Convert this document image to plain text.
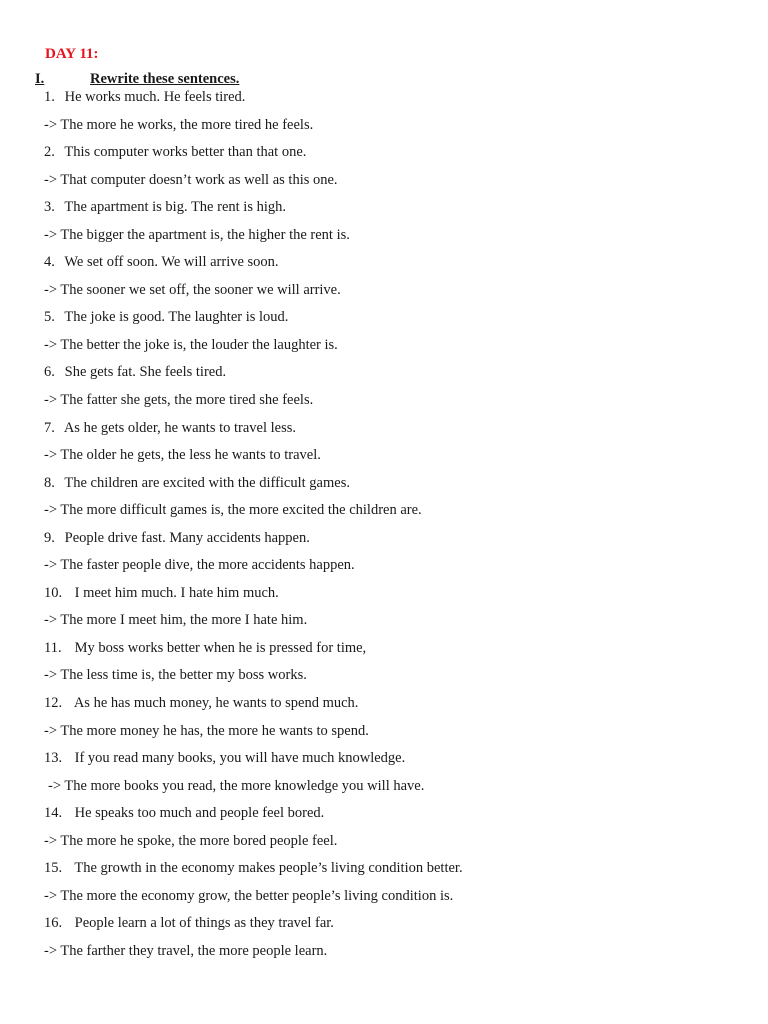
DAY 11:
I.	Rewrite these sentences.
1. He works much. He feels tired.
-> The more he works, the more tired he feels.
2. This computer works better than that one.
-> That computer doesn’t work as well as this one.
3. The apartment is big. The rent is high.
-> The bigger the apartment is, the higher the rent is.
4. We set off soon. We will arrive soon.
-> The sooner we set off, the sooner we will arrive.
5. The joke is good. The laughter is loud.
-> The better the joke is, the louder the laughter is.
6. She gets fat. She feels tired.
-> The fatter she gets, the more tired she feels.
7. As he gets older, he wants to travel less.
-> The older he gets, the less he wants to travel.
8. The children are excited with the difficult games.
-> The more difficult games is, the more excited the children are.
9. People drive fast. Many accidents happen.
-> The faster people dive, the more accidents happen.
10. I meet him much. I hate him much.
-> The more I meet him, the more I hate him.
11. My boss works better when he is pressed for time,
-> The less time is, the better my boss works.
12. As he has much money, he wants to spend much.
-> The more money he has, the more he wants to spend.
13. If you read many books, you will have much knowledge.
-> The more books you read, the more knowledge you will have.
14. He speaks too much and people feel bored.
-> The more he spoke, the more bored people feel.
15. The growth in the economy makes people’s living condition better.
-> The more the economy grow, the better people’s living condition is.
16. People learn a lot of things as they travel far.
-> The farther they travel, the more people learn.
